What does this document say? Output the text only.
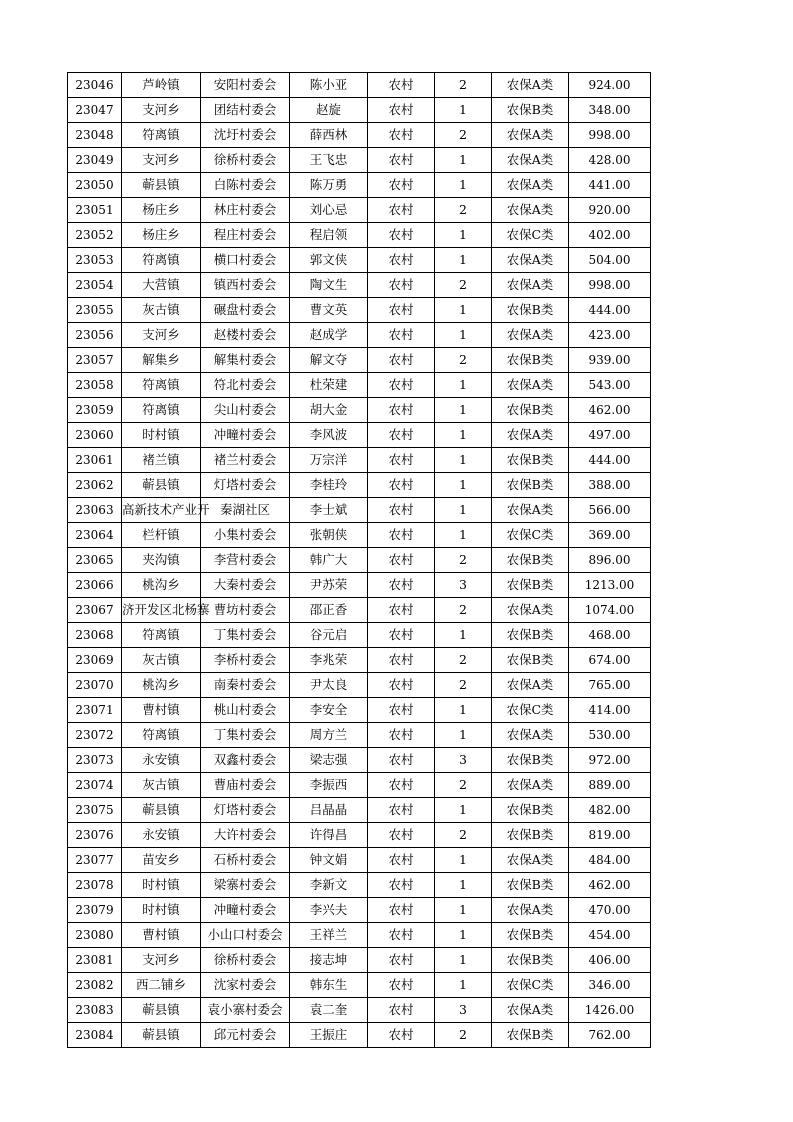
23046	芦岭镇	安阳村委会	陈小亚	农村	2	农保A类	924.00
23047	支河乡	团结村委会	赵旋	农村	1	农保B类	348.00
23048	符离镇	沈圩村委会	薛西林	农村	2	农保A类	998.00
23049	支河乡	徐桥村委会	王飞忠	农村	1	农保A类	428.00
23050	蕲县镇	白陈村委会	陈万勇	农村	1	农保A类	441.00
23051	杨庄乡	林庄村委会	刘心忌	农村	2	农保A类	920.00
23052	杨庄乡	程庄村委会	程启领	农村	1	农保C类	402.00
23053	符离镇	横口村委会	郭文侠	农村	1	农保A类	504.00
23054	大营镇	镇西村委会	陶文生	农村	2	农保A类	998.00
23055	灰古镇	碾盘村委会	曹文英	农村	1	农保B类	444.00
23056	支河乡	赵楼村委会	赵成学	农村	1	农保A类	423.00
23057	解集乡	解集村委会	解文夺	农村	2	农保B类	939.00
23058	符离镇	符北村委会	杜荣建	农村	1	农保A类	543.00
23059	符离镇	尖山村委会	胡大金	农村	1	农保B类	462.00
23060	时村镇	冲疃村委会	李风波	农村	1	农保A类	497.00
23061	褚兰镇	褚兰村委会	万宗洋	农村	1	农保B类	444.00
23062	蕲县镇	灯塔村委会	李桂玲	农村	1	农保B类	388.00
23063	高新技术产业开	秦湖社区	李士斌	农村	1	农保A类	566.00
23064	栏杆镇	小集村委会	张朝侠	农村	1	农保C类	369.00
23065	夹沟镇	李营村委会	韩广大	农村	2	农保B类	896.00
23066	桃沟乡	大秦村委会	尹苏荣	农村	3	农保B类	1213.00
23067	济开发区北杨寨	曹坊村委会	邵正香	农村	2	农保A类	1074.00
23068	符离镇	丁集村委会	谷元启	农村	1	农保B类	468.00
23069	灰古镇	李桥村委会	李兆荣	农村	2	农保B类	674.00
23070	桃沟乡	南秦村委会	尹太良	农村	2	农保A类	765.00
23071	曹村镇	桃山村委会	李安全	农村	1	农保C类	414.00
23072	符离镇	丁集村委会	周方兰	农村	1	农保A类	530.00
23073	永安镇	双鑫村委会	梁志强	农村	3	农保B类	972.00
23074	灰古镇	曹庙村委会	李振西	农村	2	农保A类	889.00
23075	蕲县镇	灯塔村委会	吕晶晶	农村	1	农保B类	482.00
23076	永安镇	大许村委会	许得昌	农村	2	农保B类	819.00
23077	苗安乡	石桥村委会	钟文娟	农村	1	农保A类	484.00
23078	时村镇	梁寨村委会	李新文	农村	1	农保B类	462.00
23079	时村镇	冲疃村委会	李兴夫	农村	1	农保A类	470.00
23080	曹村镇	小山口村委会	王祥兰	农村	1	农保B类	454.00
23081	支河乡	徐桥村委会	接志坤	农村	1	农保B类	406.00
23082	西二铺乡	沈家村委会	韩东生	农村	1	农保C类	346.00
23083	蕲县镇	袁小寨村委会	袁二奎	农村	3	农保A类	1426.00
23084	蕲县镇	邱元村委会	王振庄	农村	2	农保B类	762.00
